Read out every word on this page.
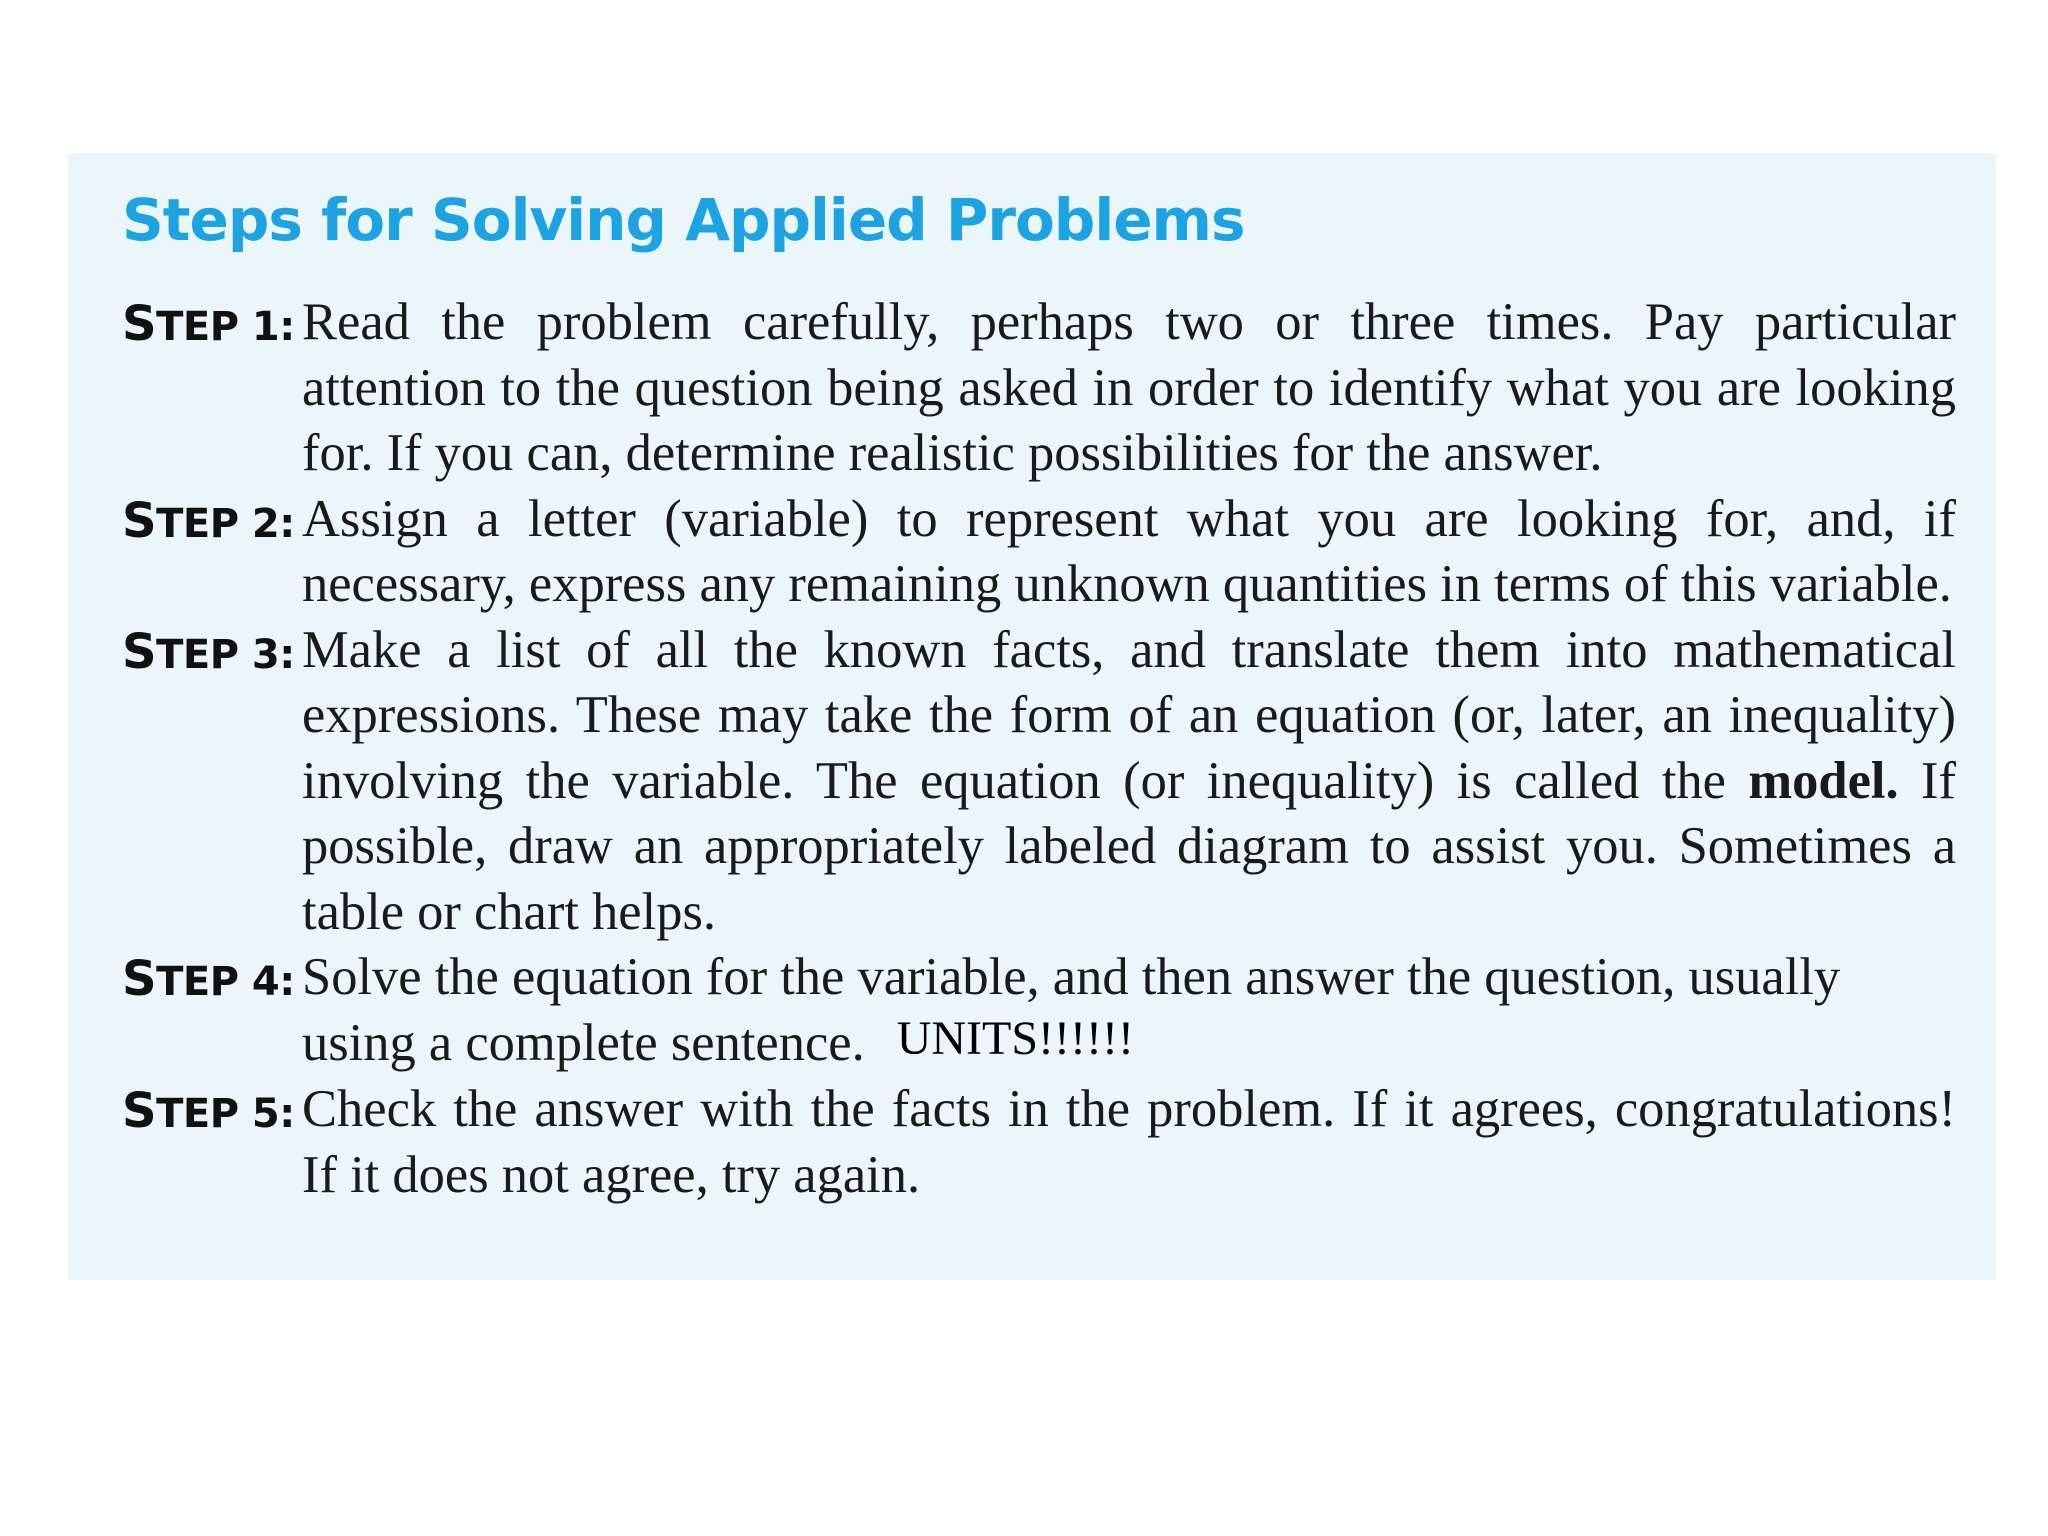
Steps for Solving Applied Problems
STEP 1: Read the problem carefully, perhaps two or three times. Pay particular attention to the question being asked in order to identify what you are looking for. If you can, determine realistic possibilities for the answer.

STEP 2: Assign a letter (variable) to represent what you are looking for, and, if necessary, express any remaining unknown quantities in terms of this variable.

STEP 3: Make a list of all the known facts, and translate them into mathematical expressions. These may take the form of an equation (or, later, an inequality) involving the variable. The equation (or inequality) is called the model. If possible, draw an appropriately labeled diagram to assist you. Sometimes a table or chart helps.

STEP 4: Solve the equation for the variable, and then answer the question, usually using a complete sentence. UNITS!!!!!!

STEP 5: Check the answer with the facts in the problem. If it agrees, congratulations! If it does not agree, try again.
